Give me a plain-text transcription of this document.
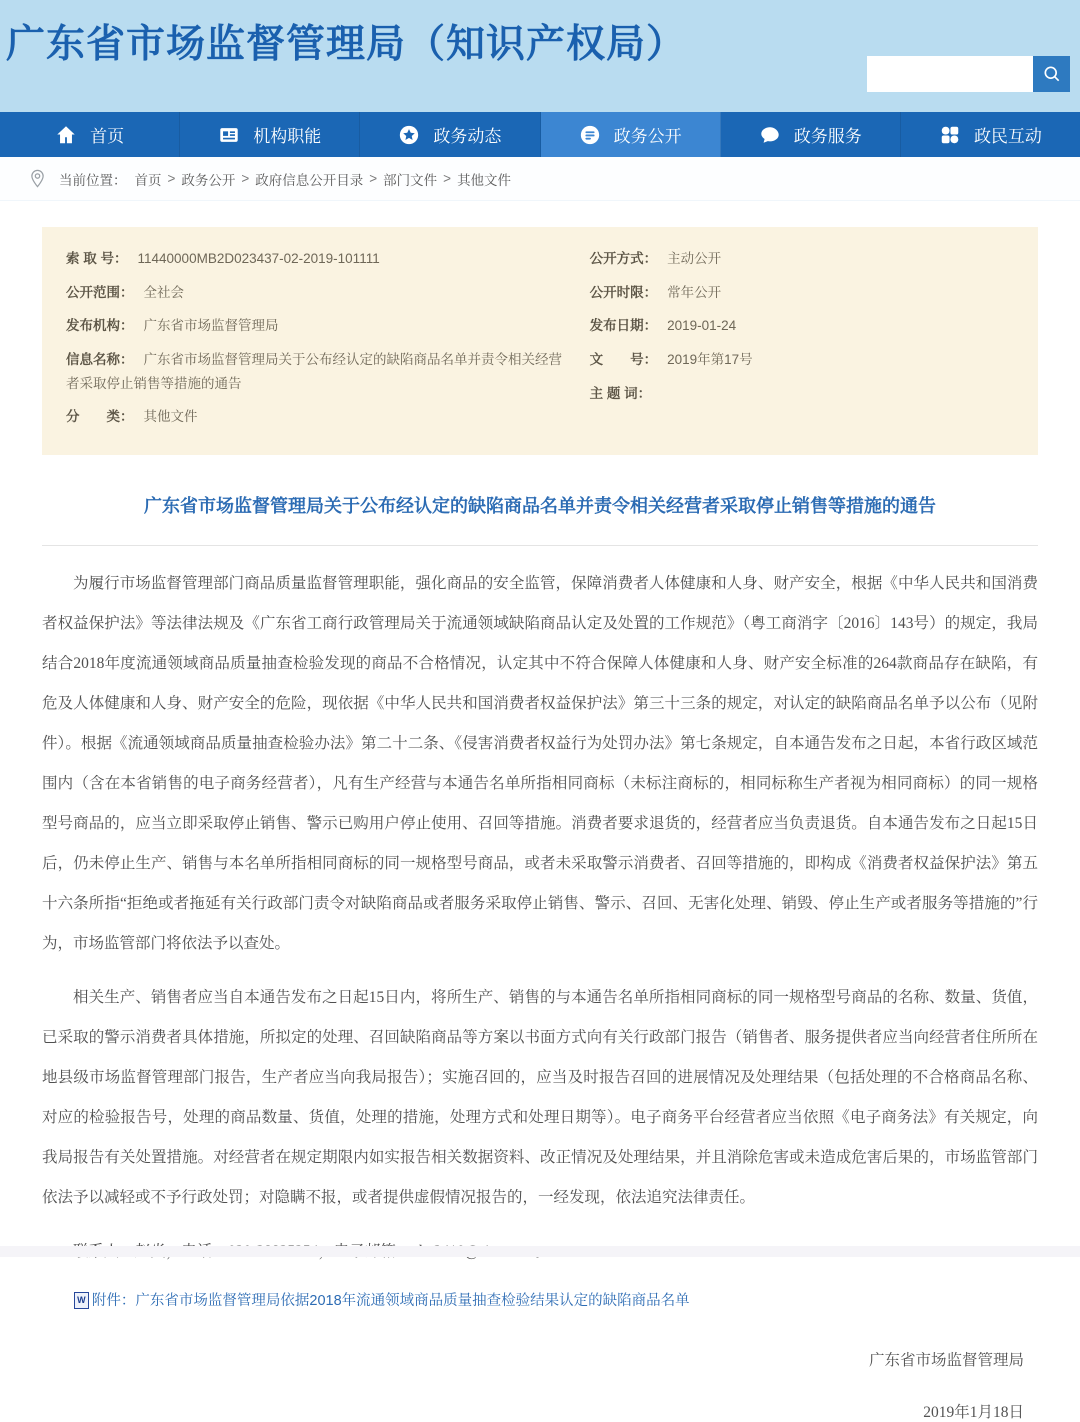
广东省市场监督管理局（知识产权局）
首页	机构职能	政务动态	政务公开	政务服务	政民互动
当前位置： 首页 > 政务公开 > 政府信息公开目录 > 部门文件 > 其他文件
索 取 号： 11440000MB2D023437-02-2019-101111
公开范围： 全社会
发布机构： 广东省市场监督管理局
信息名称： 广东省市场监督管理局关于公布经认定的缺陷商品名单并责令相关经营者采取停止销售等措施的通告
分　　类： 其他文件
公开方式： 主动公开
公开时限： 常年公开
发布日期： 2019-01-24
文　　号： 2019年第17号
主 题 词：
广东省市场监督管理局关于公布经认定的缺陷商品名单并责令相关经营者采取停止销售等措施的通告

为履行市场监督管理部门商品质量监督管理职能，强化商品的安全监管，保障消费者人体健康和人身、财产安全，根据《中华人民共和国消费者权益保护法》等法律法规及《广东省工商行政管理局关于流通领域缺陷商品认定及处置的工作规范》（粤工商消字〔2016〕143号）的规定，我局结合2018年度流通领域商品质量抽查检验发现的商品不合格情况，认定其中不符合保障人体健康和人身、财产安全标准的264款商品存在缺陷，有危及人体健康和人身、财产安全的危险，现依据《中华人民共和国消费者权益保护法》第三十三条的规定，对认定的缺陷商品名单予以公布（见附件）。根据《流通领域商品质量抽查检验办法》第二十二条、《侵害消费者权益行为处罚办法》第七条规定，自本通告发布之日起，本省行政区域范围内（含在本省销售的电子商务经营者），凡有生产经营与本通告名单所指相同商标（未标注商标的，相同标称生产者视为相同商标）的同一规格型号商品的，应当立即采取停止销售、警示已购用户停止使用、召回等措施。消费者要求退货的，经营者应当负责退货。自本通告发布之日起15日后，仍未停止生产、销售与本名单所指相同商标的同一规格型号商品，或者未采取警示消费者、召回等措施的，即构成《消费者权益保护法》第五十六条所指“拒绝或者拖延有关行政部门责令对缺陷商品或者服务采取停止销售、警示、召回、无害化处理、销毁、停止生产或者服务等措施的”行为，市场监管部门将依法予以查处。

相关生产、销售者应当自本通告发布之日起15日内，将所生产、销售的与本通告名单所指相同商标的同一规格型号商品的名称、数量、货值，已采取的警示消费者具体措施，所拟定的处理、召回缺陷商品等方案以书面方式向有关行政部门报告（销售者、服务提供者应当向经营者住所所在地县级市场监督管理部门报告，生产者应当向我局报告）；实施召回的，应当及时报告召回的进展情况及处理结果（包括处理的不合格商品名称、对应的检验报告号，处理的商品数量、货值，处理的措施，处理方式和处理日期等）。电子商务平台经营者应当依照《电子商务法》有关规定，向我局报告有关处置措施。对经营者在规定期限内如实报告相关数据资料、改正情况及处理结果，并且消除危害或未造成危害后果的，市场监管部门依法予以减轻或不予行政处罚；对隐瞒不报，或者提供虚假情况报告的，一经发现，依法追究法律责任。

W 附件：广东省市场监督管理局依据2018年流通领域商品质量抽查检验结果认定的缺陷商品名单
广东省市场监督管理局
2019年1月18日
